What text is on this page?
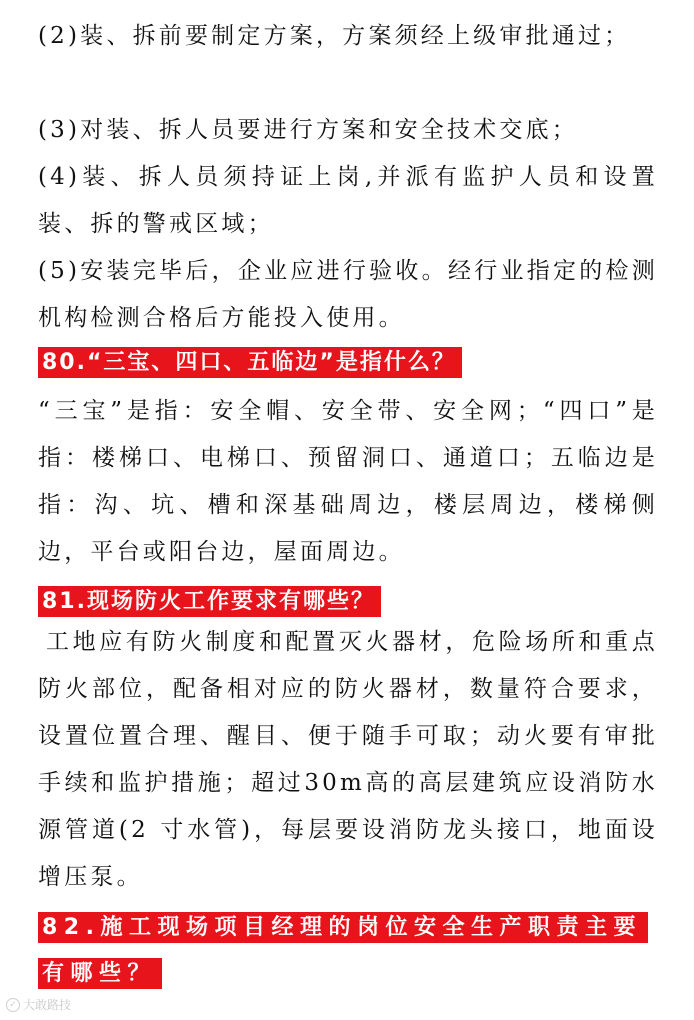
(2)装、拆前要制定方案，方案须经上级审批通过；

(3)对装、拆人员要进行方案和安全技术交底；

(4)装、拆人员须持证上岗,并派有监护人员和设置装、拆的警戒区域；

(5)安装完毕后，企业应进行验收。经行业指定的检测机构检测合格后方能投入使用。

80.“三宝、四口、五临边”是指什么？

“三宝”是指：安全帽、安全带、安全网；“四口”是指：楼梯口、电梯口、预留洞口、通道口；五临边是指：沟、坑、槽和深基础周边，楼层周边，楼梯侧边，平台或阳台边，屋面周边。

81.现场防火工作要求有哪些？

工地应有防火制度和配置灭火器材，危险场所和重点防火部位，配备相对应的防火器材，数量符合要求，设置位置合理、醒目、便于随手可取；动火要有审批手续和监护措施；超过30m高的高层建筑应设消防水源管道(2 寸水管)，每层要设消防龙头接口，地面设增压泵。

82.施工现场项目经理的岗位安全生产职责主要有哪些？
✓ 大敢路技
